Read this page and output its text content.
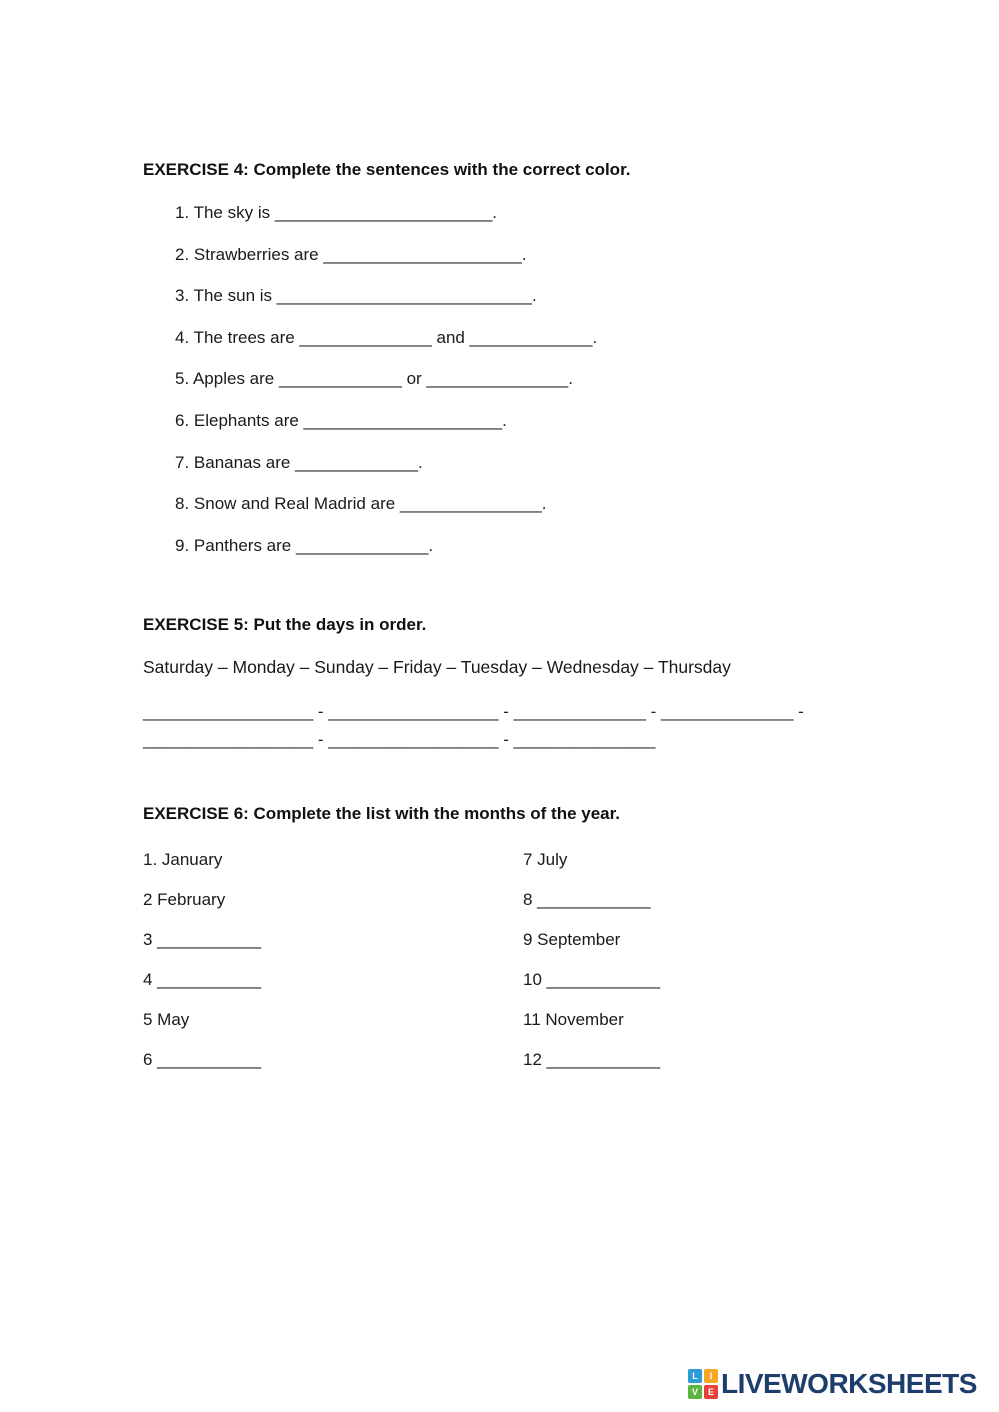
EXERCISE 4: Complete the sentences with the correct color.
1. The sky is _______________________.
2. Strawberries are _____________________.
3. The sun is ___________________________.
4. The trees are ______________ and _____________.
5. Apples are _____________ or _______________.
6. Elephants are _____________________.
7. Bananas are _____________.
8. Snow and Real Madrid are _______________.
9. Panthers are ______________.
EXERCISE 5: Put the days in order.

Saturday – Monday – Sunday – Friday – Tuesday – Wednesday – Thursday

__________________ - __________________ - ______________ - ______________ -

__________________ - __________________ - _______________

EXERCISE 6: Complete the list with the months of the year.
1. January
2 February
3 ___________
4 ___________
5 May
6 ___________
7 July
8 ____________
9 September
10 ____________
11 November
12 ____________
L	I
V	E LIVEWORKSHEETS
